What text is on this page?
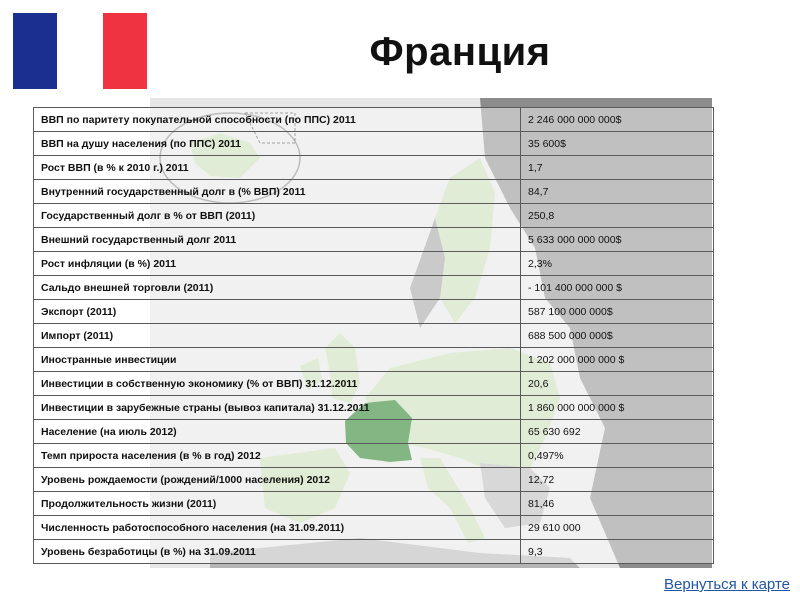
Франция
ВВП по паритету покупательной способности (по ППС) 2011	2 246 000 000 000$
ВВП на душу населения (по ППС) 2011	35 600$
Рост ВВП (в % к 2010 г.) 2011	1,7
Внутренний государственный долг в (% ВВП) 2011	84,7
Государственный долг в % от ВВП (2011)	250,8
Внешний государственный долг 2011	5 633 000 000 000$
Рост инфляции (в %) 2011	2,3%
Сальдо внешней торговли (2011)	- 101 400 000 000 $
Экспорт (2011)	587 100 000 000$
Импорт (2011)	688 500 000 000$
Иностранные инвестиции	1 202 000 000 000 $
Инвестиции в собственную экономику (% от ВВП) 31.12.2011	20,6
Инвестиции в зарубежные страны (вывоз капитала) 31.12.2011	1 860 000 000 000 $
Население (на июль 2012)	65 630 692
Темп прироста населения (в % в год) 2012	0,497%
Уровень рождаемости (рождений/1000 населения) 2012	12,72
Продолжительность жизни (2011)	81,46
Численность работоспособного населения (на 31.09.2011)	29 610 000
Уровень безработицы (в %) на 31.09.2011	9,3
Вернуться к карте
